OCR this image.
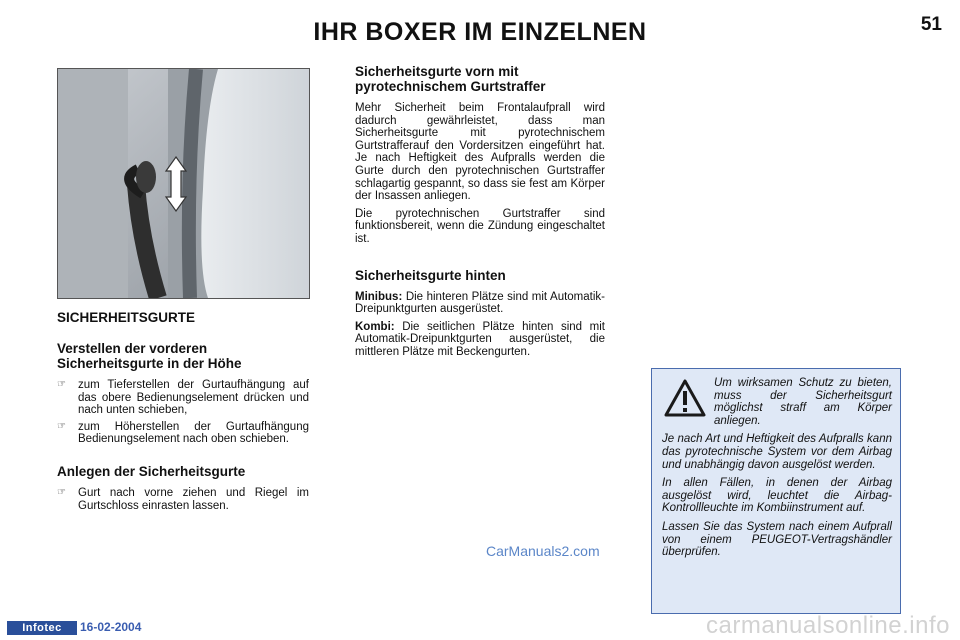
IHR BOXER IM EINZELNEN	51
SICHERHEITSGURTE
Verstellen der vorderen
Sicherheitsgurte in der Höhe
☞ zum Tieferstellen der Gurtaufhängung auf das obere Bedienungselement drücken und nach unten schieben,
☞ zum Höherstellen der Gurtaufhängung Bedienungselement nach oben schieben.
Anlegen der Sicherheitsgurte
☞ Gurt nach vorne ziehen und Riegel im Gurtschloss einrasten lassen.
Sicherheitsgurte vorn mit
pyrotechnischem Gurtstraffer

Mehr Sicherheit beim Frontalaufprall wird dadurch gewährleistet, dass man Sicherheitsgurte mit pyrotechnischem Gurtstrafferauf den Vordersitzen eingeführt hat. Je nach Heftigkeit des Aufpralls werden die Gurte durch den pyrotechnischen Gurtstraffer schlagartig gespannt, so dass sie fest am Körper der Insassen anliegen.

Die pyrotechnischen Gurtstraffer sind funktionsbereit, wenn die Zündung eingeschaltet ist.

Sicherheitsgurte hinten

Minibus: Die hinteren Plätze sind mit Automatik-Dreipunktgurten ausgerüstet.

Kombi: Die seitlichen Plätze hinten sind mit Automatik-Dreipunktgurten ausgerüstet, die mittleren Plätze mit Beckengurten.

Um wirksamen Schutz zu bieten, muss der Sicherheitsgurt möglichst straff am Körper anliegen.

Je nach Art und Heftigkeit des Aufpralls kann das pyrotechnische System vor dem Airbag und unabhängig davon ausgelöst werden.

In allen Fällen, in denen der Airbag ausgelöst wird, leuchtet die Airbag-Kontrollleuchte im Kombiinstrument auf.

Lassen Sie das System nach einem Aufprall von einem PEUGEOT-Vertragshändler überprüfen.

CarManuals2.com
Infotec	16-02-2004	carmanualsonline.info
